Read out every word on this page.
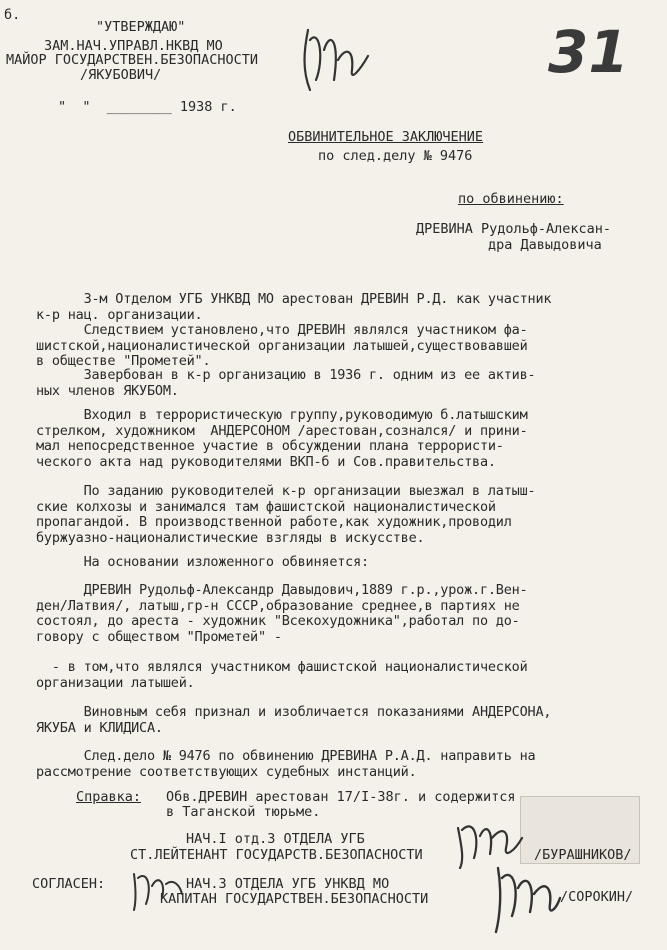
б.
"УТВЕРЖДАЮ"
ЗАМ.НАЧ.УПРАВЛ.НКВД МО
МАЙОР ГОСУДАРСТВЕН.БЕЗОПАСНОСТИ
/ЯКУБОВИЧ/
"  "  ________ 1938 г.
31
ОБВИНИТЕЛЬНОЕ ЗАКЛЮЧЕНИЕ
по след.делу № 9476
по обвинению:
ДРЕВИНА Рудольф-Алексан-
дра Давыдовича
3-м Отделом УГБ УНКВД МО арестован ДРЕВИН Р.Д. как участник
к-р нац. организации.
Следствием установлено,что ДРЕВИН являлся участником фа-
шистской,националистической организации латышей,существовавшей
в обществе "Прометей".
Завербован в к-р организацию в 1936 г. одним из ее актив-
ных членов ЯКУБОМ.
Входил в террористическую группу,руководимую б.латышским
стрелком, художником  АНДЕРСОНОМ /арестован,сознался/ и прини-
мал непосредственное участие в обсуждении плана террористи-
ческого акта над руководителями ВКП-б и Сов.правительства.
По заданию руководителей к-р организации выезжал в латыш-
ские колхозы и занимался там фашистской националистической
пропагандой. В производственной работе,как художник,проводил
буржуазно-националистические взгляды в искусстве.
На основании изложенного обвиняется:
ДРЕВИН Рудольф-Александр Давыдович,1889 г.р.,урож.г.Вен-
ден/Латвия/, латыш,гр-н СССР,образование среднее,в партиях не
состоял, до ареста - художник "Всекохудожника",работал по до-
говору с обществом "Прометей" -
- в том,что являлся участником фашистской националистической
организации латышей.
Виновным себя признал и изобличается показаниями АНДЕРСОНА,
ЯКУБА и КЛИДИСА.
След.дело № 9476 по обвинению ДРЕВИНА Р.А.Д. направить на
рассмотрение соответствующих судебных инстанций.
Справка: Обв.ДРЕВИН арестован 17/I-38г. и содержится
в Таганской тюрьме.
НАЧ.I отд.3 ОТДЕЛА УГБ
СТ.ЛЕЙТЕНАНТ ГОСУДАРСТВ.БЕЗОПАСНОСТИ	/БУРАШНИКОВ/
СОГЛАСЕН:	НАЧ.3 ОТДЕЛА УГБ УНКВД МО
КАПИТАН ГОСУДАРСТВЕН.БЕЗОПАСНОСТИ	/СОРОКИН/
